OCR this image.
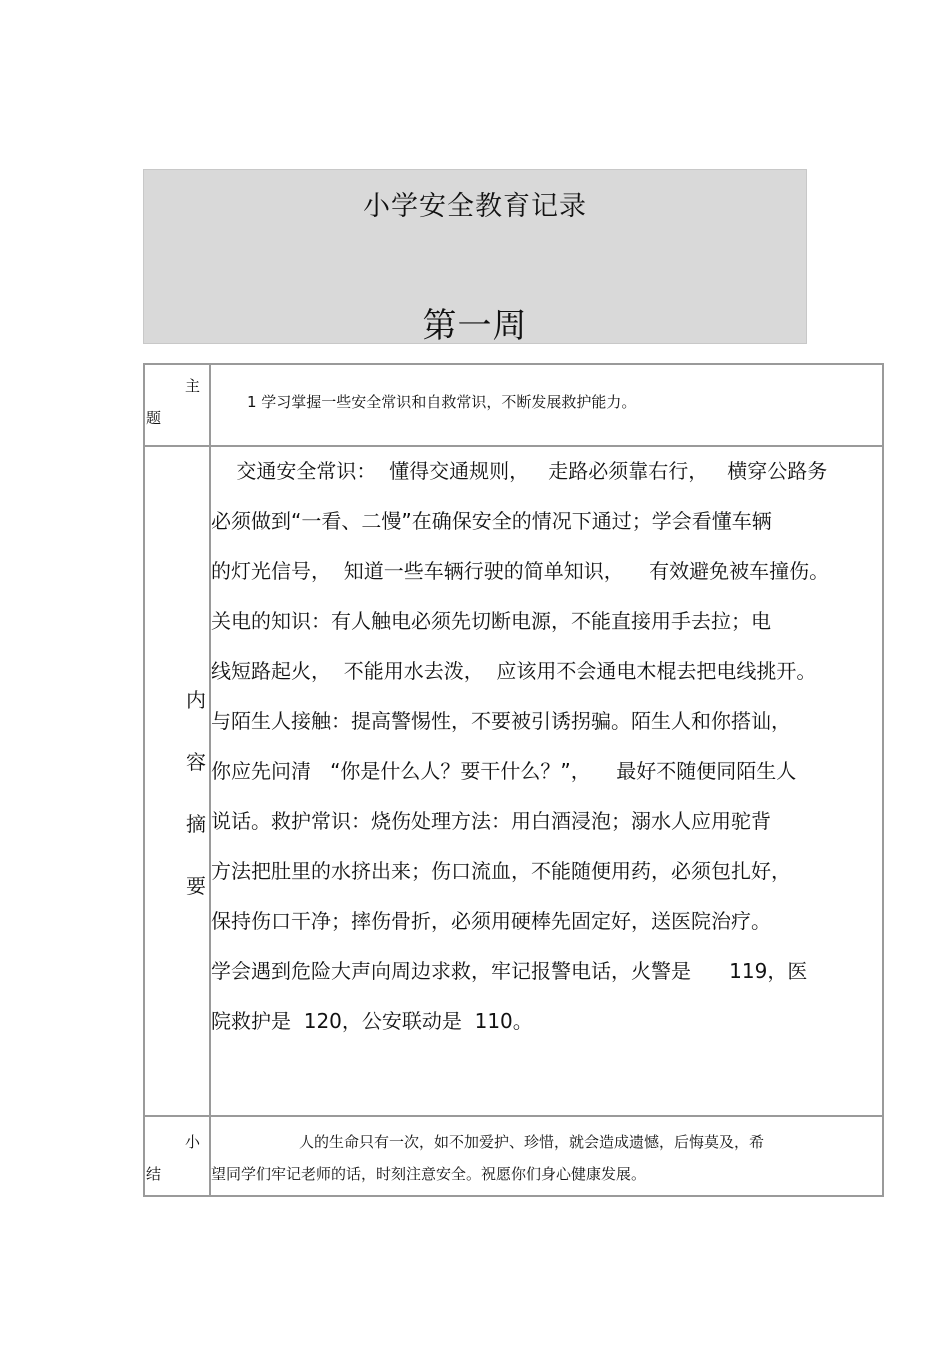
小学安全教育记录
第一周
主
题
1 学习掌握一些安全常识和自救常识，不断发展救护能力。
内容摘要
交通安全常识：  懂得交通规则，   走路必须靠右行，   横穿公路务
必须做到“一看、二慢”在确保安全的情况下通过；学会看懂车辆
的灯光信号，  知道一些车辆行驶的简单知识，    有效避免被车撞伤。
关电的知识：有人触电必须先切断电源，不能直接用手去拉；电
线短路起火，  不能用水去泼，  应该用不会通电木棍去把电线挑开。
与陌生人接触：提高警惕性，不要被引诱拐骗。陌生人和你搭讪，
你应先问清   “你是什么人？要干什么？”，    最好不随便同陌生人
说话。救护常识：烧伤处理方法：用白酒浸泡；溺水人应用驼背
方法把肚里的水挤出来；伤口流血，不能随便用药，必须包扎好，
保持伤口干净；摔伤骨折，必须用硬棒先固定好，送医院治疗。
学会遇到危险大声向周边求救，牢记报警电话，火警是      119，医
院救护是  120，公安联动是  110。
小
结
人的生命只有一次，如不加爱护、珍惜，就会造成遗憾，后悔莫及，希
望同学们牢记老师的话，时刻注意安全。祝愿你们身心健康发展。
